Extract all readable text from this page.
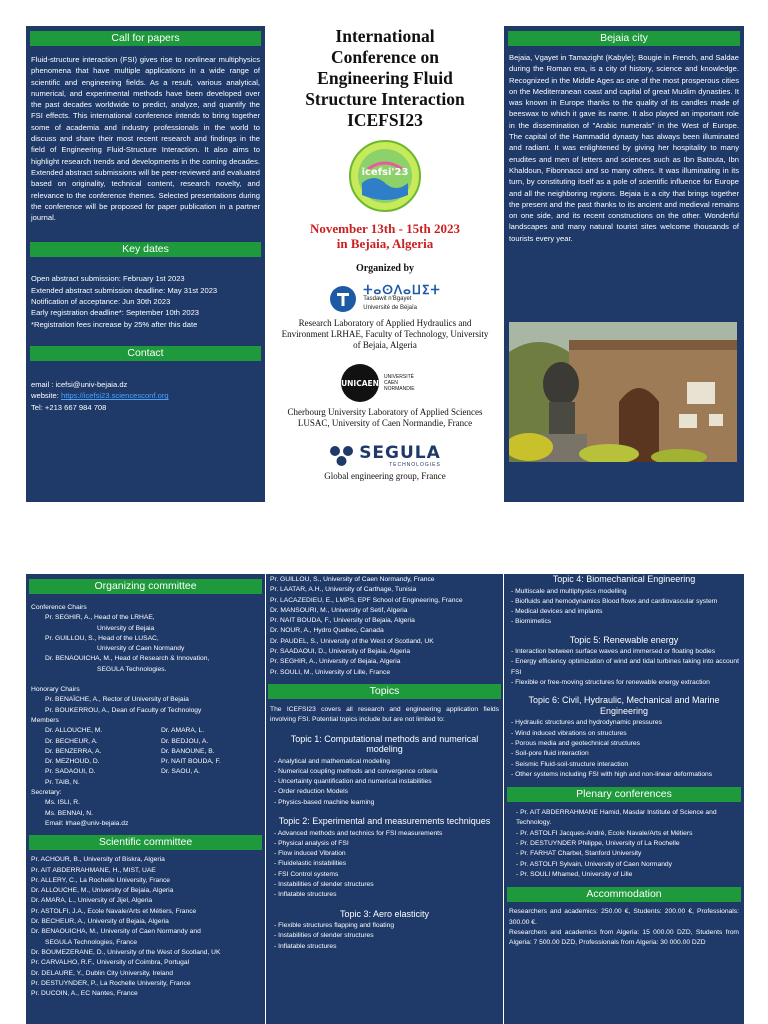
Call for papers

Fluid-structure interaction (FSI) gives rise to nonlinear multiphysics phenomena that have multiple applications in a wide range of scientific and engineering fields. As a result, various analytical, numerical, and experimental methods have been developed over the past decades worldwide to predict, analyze, and quantify the FSI effects. This international conference intends to bring together some of academia and industry professionals in the world to discuss and share their most recent research and findings in the field of Engineering Fluid-Structure Interaction. It also aims to highlight research trends and developments in the coming decades. Extended abstract submissions will be peer-reviewed and evaluated based on originality, technical content, research novelty, and relevance to the conference themes. Selected presentations during the conference will be proposed for paper publication in a partner journal.

Key dates
Open abstract submission: February 1st 2023
Extended abstract submission deadline: May 31st 2023
Notification of acceptance: Jun 30th 2023
Early registration deadline*: September 10th 2023
*Registration fees increase by 25% after this date
Contact
email : icefsi@univ-bejaia.dz
website: https://icefsi23.sciencesconf.org
Tel: +213 667 984 708
International
Conference on
Engineering Fluid
Structure Interaction
ICEFSI23
icefsi'23
November 13th - 15th 2023
in Bejaia, Algeria
Organized by
ⵜⴰⵙⴷⴰⵡⵉⵜ
Tasdawit n'Bgayet
Université de Béjaïa
Research Laboratory of Applied Hydraulics and Environment LRHAE, Faculty of Technology, University of Bejaia, Algeria
UNICAEN
UNIVERSITÉ
CAEN
NORMANDIE
Cherbourg University Laboratory of Applied Sciences LUSAC, University of Caen Normandie, France
SEGULA
TECHNOLOGIES
Global engineering group, France
Bejaia city

Bejaia, Vgayet in Tamazight (Kabyle); Bougie in French, and Saldae during the Roman era, is a city of history, science and knowledge. Recognized in the Middle Ages as one of the most prosperous cities on the Mediterranean coast and capital of great Muslim dynasties. It was known in Europe thanks to the quality of its candles made of beeswax to which it gave its name. It also played an important role in the dissemination of "Arabic numerals" in the West of Europe. The capital of the Hammadid dynasty has always been illuminated and radiant. It was enlightened by giving her hospitality to many erudites and men of letters and sciences such as Ibn Batouta, Ibn Khaldoun, Fibonnacci and so many others. It was illuminating in its turn, by constituting itself as a pole of scientific influence for Europe and all the neighboring regions. Bejaia is a city that brings together the present and the past thanks to its ancient and medieval remains on one side, and its recent constructions on the other. Wonderful landscapes and many natural tourist sites welcome thousands of tourists every year.

Organizing committee
Conference Chairs
Pr. SEGHIR, A., Head of the LRHAE,
University of Bejaia
Pr. GUILLOU, S., Head of the LUSAC,
University of Caen Normandy
Dr. BENAOUICHA, M., Head of Research & Innovation,
SEGULA Technologies.
Honorary Chairs
Pr. BENAÏCHE, A., Rector of University of Bejaia
Pr. BOUKERROU, A., Dean of Faculty of Technology
Members
Dr. ALLOUCHE, M.
Dr. BECHEUR, A.
Dr. BENZERRA, A.
Dr. MEZHOUD, D.
Pr. SADAOUI, D.
Pr. TAIB, N.
Dr. AMARA, L.
Dr. BEDJOU, A.
Dr. BANOUNE, B.
Pr. NAIT BOUDA, F.
Dr. SAOU, A.
Secretary:
Ms. ISLI, R.
Ms. BENNAI, N.
Email: lrhae@univ-bejaia.dz
Scientific committee
Pr. ACHOUR, B., University of Biskra, Algeria
Pr. AIT ABDERRAHMANE, H., MIST, UAE
Pr. ALLERY, C., La Rochelle University, France
Dr. ALLOUCHE, M., University of Bejaia, Algeria
Dr. AMARA, L., University of Jijel, Algeria
Pr. ASTOLFI, J.A., Ecole Navale/Arts et Métiers, France
Dr. BECHEUR, A., University of Bejaia, Algeria
Dr. BENAOUICHA, M., University of Caen Normandy and
SEGULA Technologies, France
Dr. BOUMEZERANE, D., University of the West of Scotland, UK
Pr. CARVALHO, R.F., University of Coimbra, Portugal
Dr. DELAURE, Y., Dublin City University, Ireland
Pr. DESTUYNDER, P., La Rochelle University, France
Pr. DUCOIN, A., EC Nantes, France
Pr. GUILLOU, S., University of Caen Normandy, France
Pr. LAATAR, A.H., University of Carthage, Tunisia
Pr. LACAZEDIEU, E., LMPS, EPF School of Engineering, France
Dr. MANSOURI, M., University of Setif, Algeria
Pr. NAIT BOUDA, F., University of Bejaia, Algeria
Dr. NOUR, A., Hydro Quebec, Canada
Dr. PAUDEL, S., University of the West of Scotland, UK
Pr. SAADAOUI, D., University of Bejaia, Algeria
Pr. SEGHIR, A., University of Bejaia, Algeria
Pr. SOULI, M., University of Lille, France
Topics

The ICEFSI23 covers all research and engineering application fields involving FSI. Potential topics include but are not limited to:

Topic 1: Computational methods and numerical modeling
- Analytical and mathematical modeling
- Numerical coupling methods and convergence criteria
- Uncertainty quantification and numerical instabilities
- Order reduction Models
- Physics-based machine learning
Topic 2: Experimental and measurements techniques
- Advanced methods and technics for FSI measurements
- Physical analysis of FSI
- Flow induced Vibration
- Fluidelastic instabilities
- FSI Control systems
- Instabilities of slender structures
- Inflatable structures
Topic 3: Aero elasticity
- Flexible structures flapping and floating
- Instabilities of slender structures
- Inflatable structures
Topic 4: Biomechanical Engineering
- Multiscale and multiphysics modelling
- Biofluids and hemodynamics Blood flows and cardiovascular system
- Medical devices and implants
- Biomimetics
Topic 5: Renewable energy
- Interaction between surface waves and immersed or floating bodies
- Energy efficiency optimization of wind and tidal turbines taking into account FSI
- Flexible or free-moving structures for renewable energy extraction
Topic 6: Civil, Hydraulic, Mechanical and Marine Engineering
- Hydraulic structures and hydrodynamic pressures
- Wind induced vibrations on structures
- Porous media and geotechnical structures
- Soil-pore fluid interaction
- Seismic Fluid-soil-structure interaction
- Other systems including FSI with high and non-linear deformations
Plenary conferences
- Pr. AIT ABDERRAHMANE Hamid, Masdar Institute of Science and Technology.
- Pr. ASTOLFI Jacques-André, Ecole Navale/Arts et Métiers
- Pr. DESTUYNDER Philippe, University of La Rochelle
- Pr. FARHAT Charbel, Stanford University
- Pr. ASTOLFI Sylvain, University of Caen Normandy
- Pr. SOULI Mhamed, University of Lille
Accommodation
Researchers and academics: 250.00 €, Students: 200.00 €, Professionals: 300.00 €.
Researchers and academics from Algeria: 15 000.00 DZD, Students from Algeria: 7 500.00 DZD, Professionals from Algeria: 30 000.00 DZD
